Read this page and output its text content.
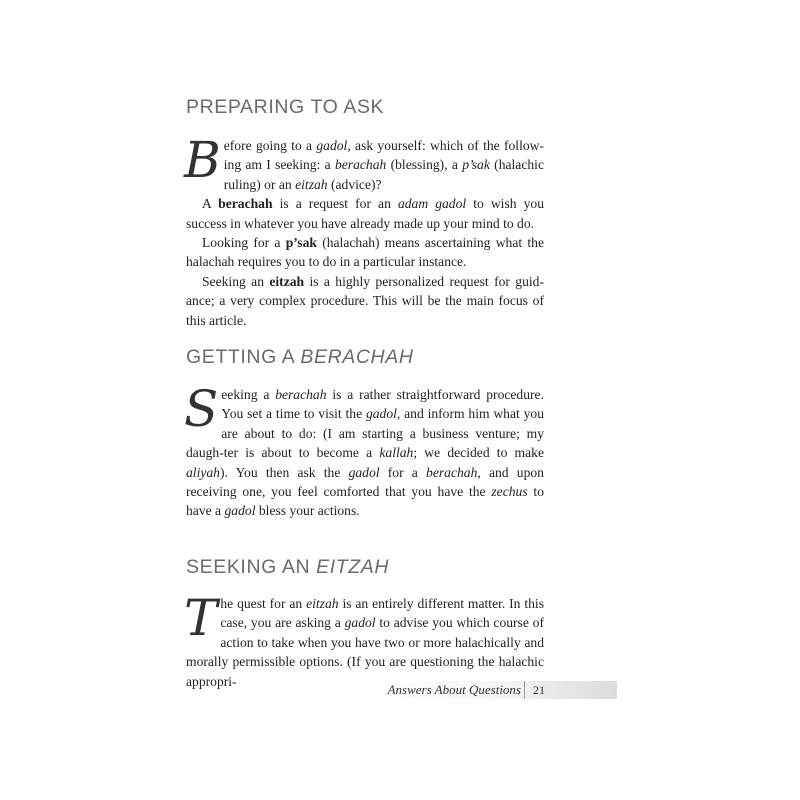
PREPARING TO ASK

Before going to a gadol, ask yourself: which of the follow-ing am I seeking: a berachah (blessing), a p’sak (halachic ruling) or an eitzah (advice)?

A berachah is a request for an adam gadol to wish you success in whatever you have already made up your mind to do.

Looking for a p’sak (halachah) means ascertaining what the halachah requires you to do in a particular instance.

Seeking an eitzah is a highly personalized request for guid-ance; a very complex procedure. This will be the main focus of this article.

GETTING A BERACHAH

Seeking a berachah is a rather straightforward procedure. You set a time to visit the gadol, and inform him what you are about to do: (I am starting a business venture; my daugh-ter is about to become a kallah; we decided to make aliyah). You then ask the gadol for a berachah, and upon receiving one, you feel comforted that you have the zechus to have a gadol bless your actions.

SEEKING AN EITZAH

The quest for an eitzah is an entirely different matter. In this case, you are asking a gadol to advise you which course of action to take when you have two or more halachically and morally permissible options. (If you are questioning the halachic appropri-

Answers About Questions 21
